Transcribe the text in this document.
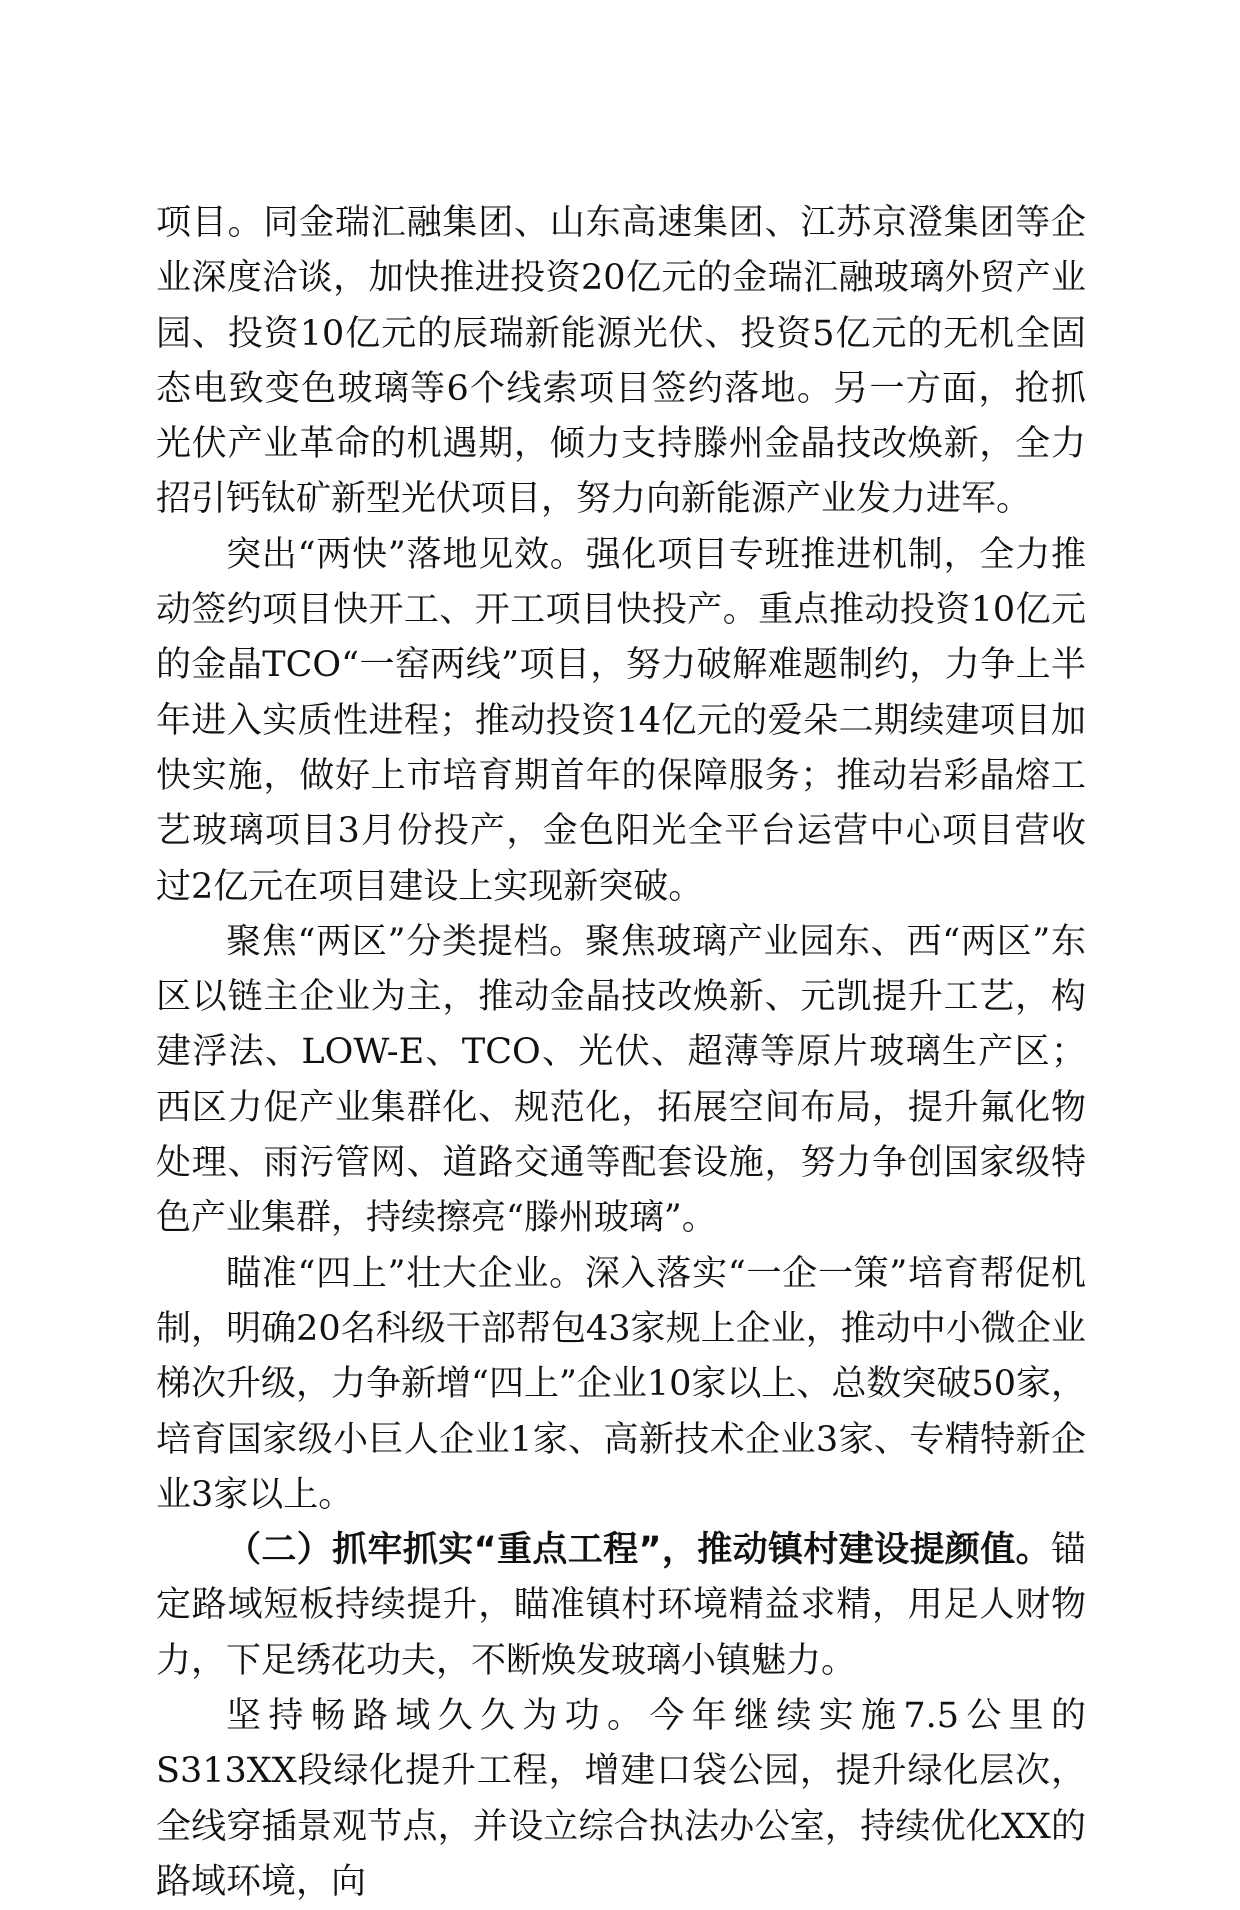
项目。同金瑞汇融集团、山东高速集团、江苏京澄集团等企业深度洽谈，加快推进投资20亿元的金瑞汇融玻璃外贸产业园、投资10亿元的辰瑞新能源光伏、投资5亿元的无机全固态电致变色玻璃等6个线索项目签约落地。另一方面，抢抓光伏产业革命的机遇期，倾力支持滕州金晶技改焕新，全力招引钙钛矿新型光伏项目，努力向新能源产业发力进军。

突出“两快”落地见效。强化项目专班推进机制，全力推动签约项目快开工、开工项目快投产。重点推动投资10亿元的金晶TCO“一窑两线”项目，努力破解难题制约，力争上半年进入实质性进程；推动投资14亿元的爱朵二期续建项目加快实施，做好上市培育期首年的保障服务；推动岩彩晶熔工艺玻璃项目3月份投产，金色阳光全平台运营中心项目营收过2亿元在项目建设上实现新突破。

聚焦“两区”分类提档。聚焦玻璃产业园东、西“两区”东区以链主企业为主，推动金晶技改焕新、元凯提升工艺，构建浮法、LOW-E、TCO、光伏、超薄等原片玻璃生产区；西区力促产业集群化、规范化，拓展空间布局，提升氟化物处理、雨污管网、道路交通等配套设施，努力争创国家级特色产业集群，持续擦亮“滕州玻璃”。

瞄准“四上”壮大企业。深入落实“一企一策”培育帮促机制，明确20名科级干部帮包43家规上企业，推动中小微企业梯次升级，力争新增“四上”企业10家以上、总数突破50家，培育国家级小巨人企业1家、高新技术企业3家、专精特新企业3家以上。

（二）抓牢抓实“重点工程”，推动镇村建设提颜值。锚定路域短板持续提升，瞄准镇村环境精益求精，用足人财物力，下足绣花功夫，不断焕发玻璃小镇魅力。

坚持畅路域久久为功。今年继续实施7.5公里的S313XX段绿化提升工程，增建口袋公园，提升绿化层次，全线穿插景观节点，并设立综合执法办公室，持续优化XX的路域环境，向
